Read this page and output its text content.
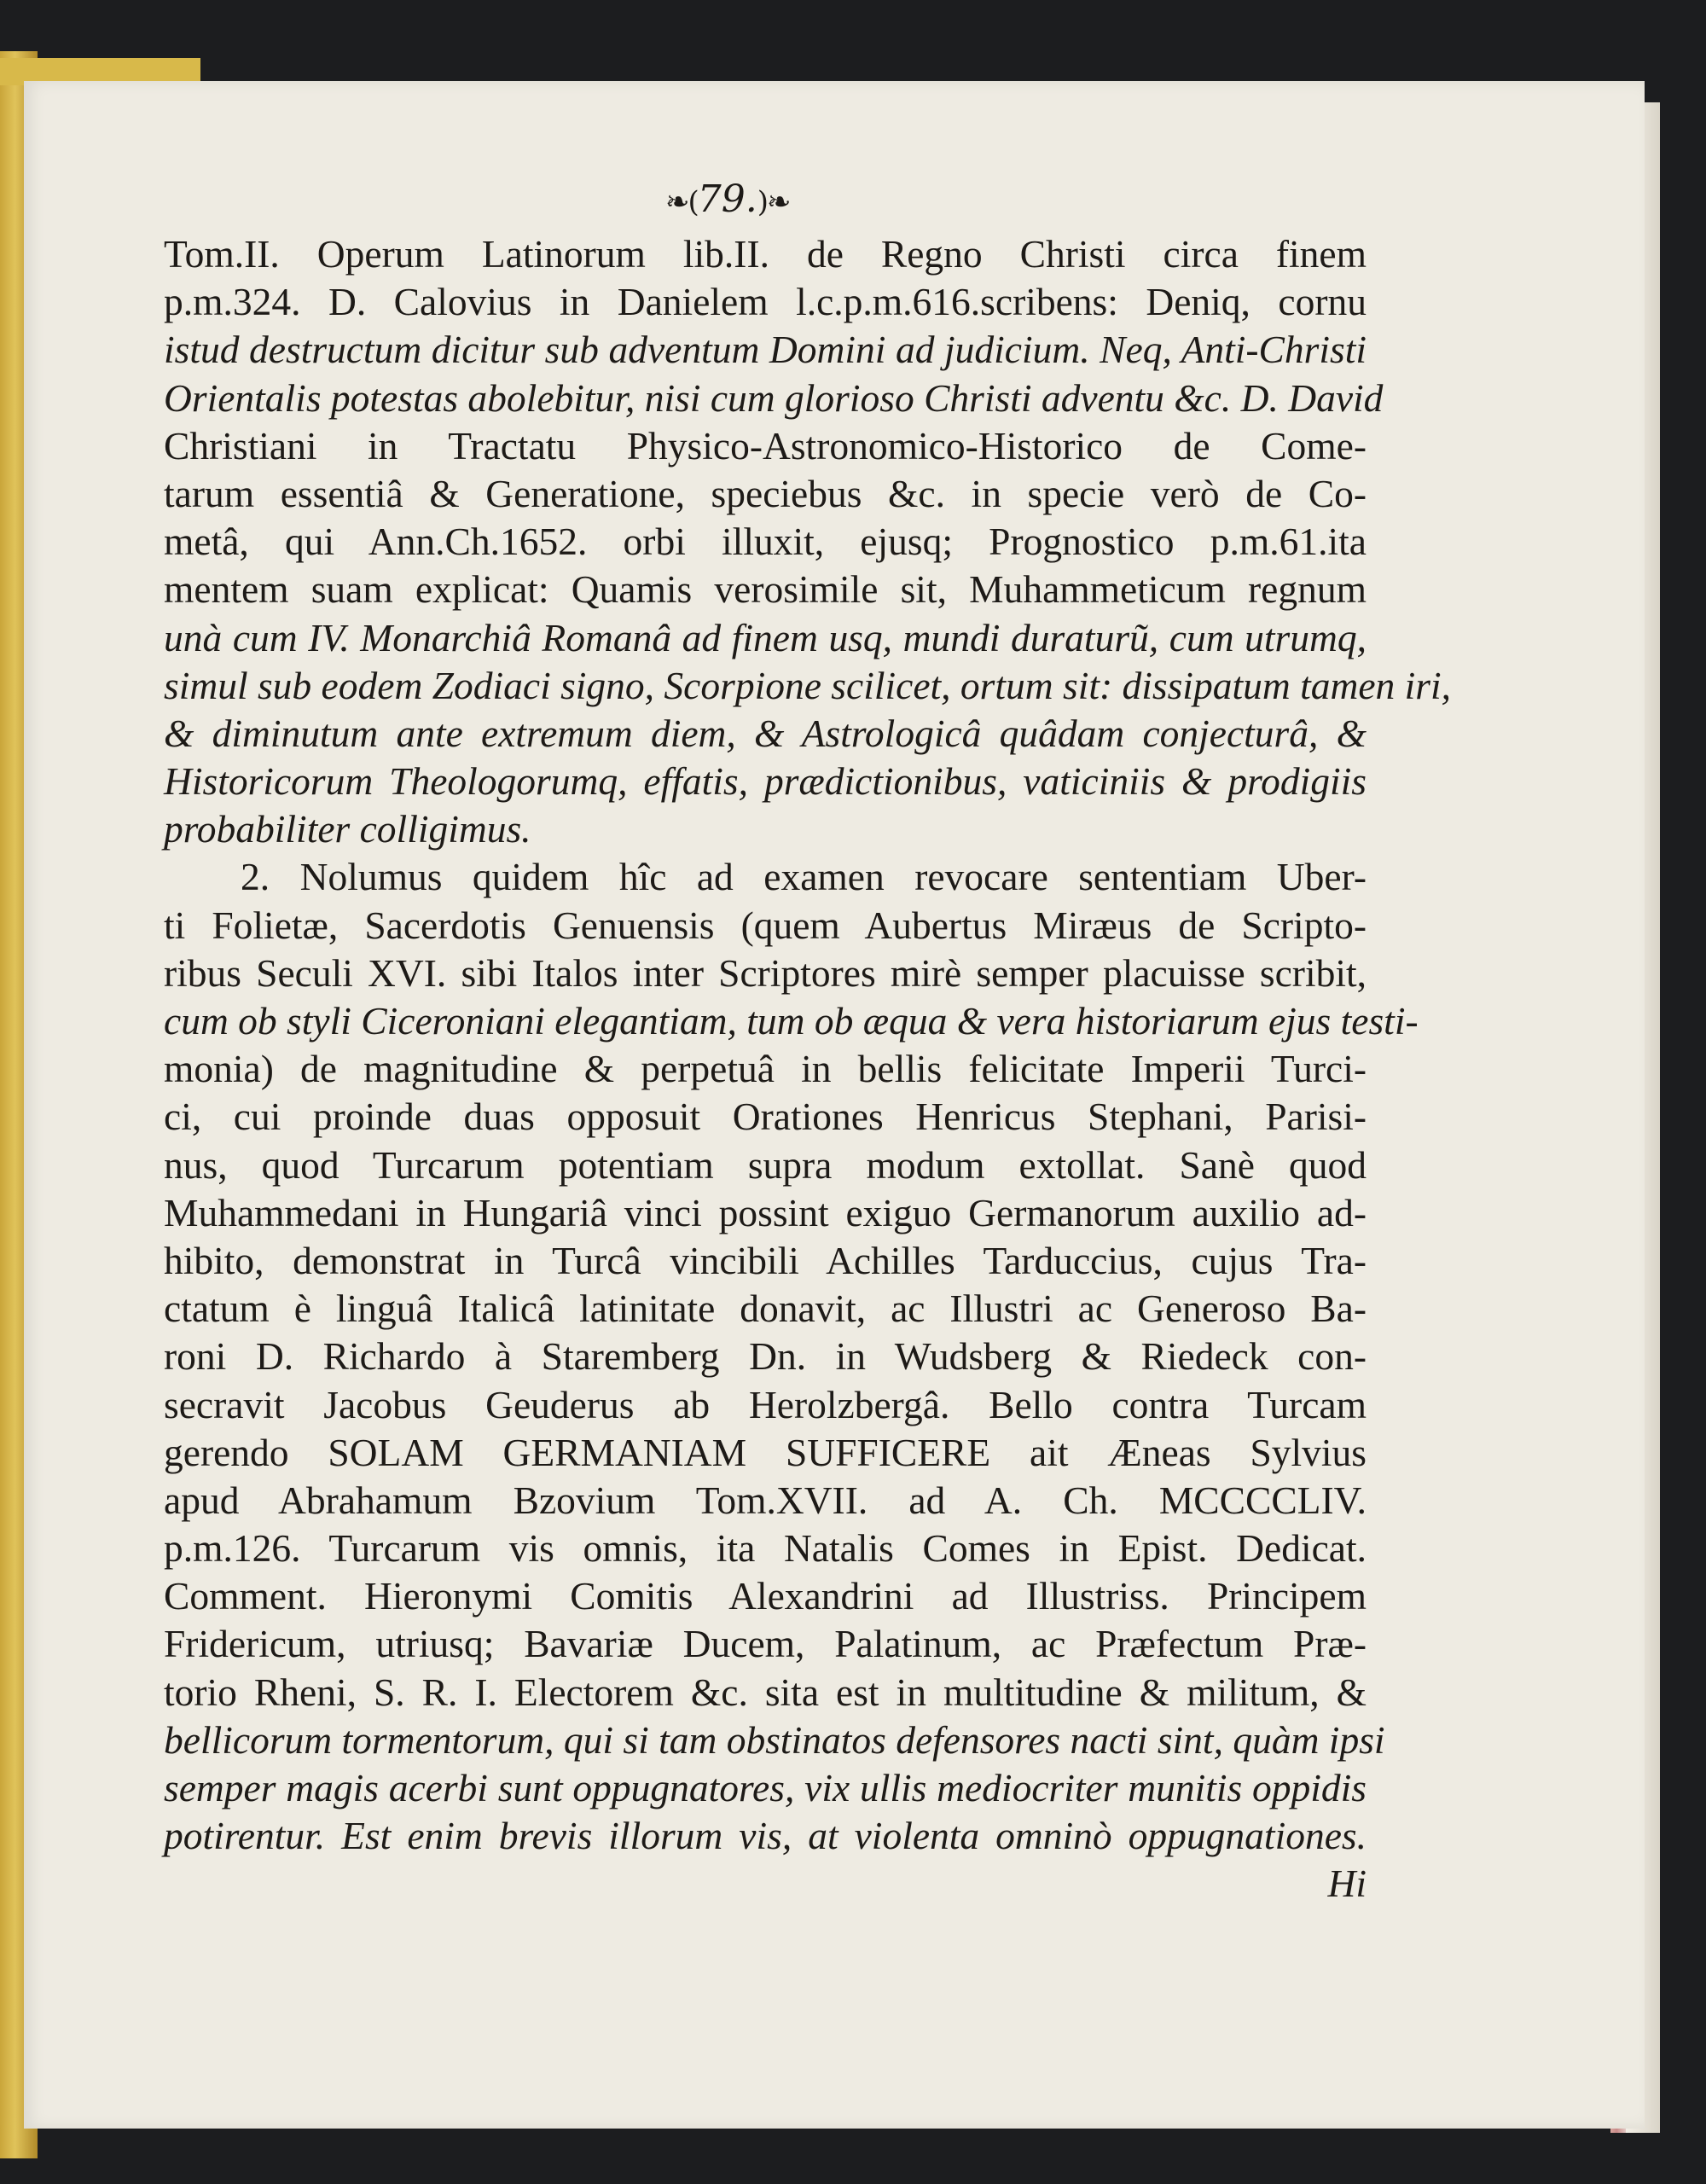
❧(79.)❧
Tom.II. Operum Latinorum lib.II. de Regno Christi circa finem
p.m.324. D. Calovius in Danielem l.c.p.m.616.scribens: Deniq, cornu
istud destructum dicitur sub adventum Domini ad judicium. Neq, Anti-Christi
Orientalis potestas abolebitur, nisi cum glorioso Christi adventu &c. D. David
Christiani in Tractatu Physico-Astronomico-Historico de Come-
tarum essentiâ & Generatione, speciebus &c. in specie verò de Co-
metâ, qui Ann.Ch.1652. orbi illuxit, ejusq; Prognostico p.m.61.ita
mentem suam explicat: Quamis verosimile sit, Muhammeticum regnum
unà cum IV. Monarchiâ Romanâ ad finem usq, mundi duraturũ, cum utrumq,
simul sub eodem Zodiaci signo, Scorpione scilicet, ortum sit: dissipatum tamen iri,
& diminutum ante extremum diem, & Astrologicâ quâdam conjecturâ, &
Historicorum Theologorumq, effatis, prædictionibus, vaticiniis & prodigiis
probabiliter colligimus.
2. Nolumus quidem hîc ad examen revocare sententiam Uber-
ti Folietæ, Sacerdotis Genuensis (quem Aubertus Miræus de Scripto-
ribus Seculi XVI. sibi Italos inter Scriptores mirè semper placuisse scribit,
cum ob styli Ciceroniani elegantiam, tum ob æqua & vera historiarum ejus testi-
monia) de magnitudine & perpetuâ in bellis felicitate Imperii Turci-
ci, cui proinde duas opposuit Orationes Henricus Stephani, Parisi-
nus, quod Turcarum potentiam supra modum extollat. Sanè quod
Muhammedani in Hungariâ vinci possint exiguo Germanorum auxilio ad-
hibito, demonstrat in Turcâ vincibili Achilles Tarduccius, cujus Tra-
ctatum è linguâ Italicâ latinitate donavit, ac Illustri ac Generoso Ba-
roni D. Richardo à Staremberg Dn. in Wudsberg & Riedeck con-
secravit Jacobus Geuderus ab Herolzbergâ. Bello contra Turcam
gerendo SOLAM GERMANIAM SUFFICERE ait Æneas Sylvius
apud Abrahamum Bzovium Tom.XVII. ad A. Ch. MCCCCLIV.
p.m.126. Turcarum vis omnis, ita Natalis Comes in Epist. Dedicat.
Comment. Hieronymi Comitis Alexandrini ad Illustriss. Principem
Fridericum, utriusq; Bavariæ Ducem, Palatinum, ac Præfectum Præ-
torio Rheni, S. R. I. Electorem &c. sita est in multitudine & militum, &
bellicorum tormentorum, qui si tam obstinatos defensores nacti sint, quàm ipsi
semper magis acerbi sunt oppugnatores, vix ullis mediocriter munitis oppidis
potirentur. Est enim brevis illorum vis, at violenta omninò oppugnationes.
Hi
